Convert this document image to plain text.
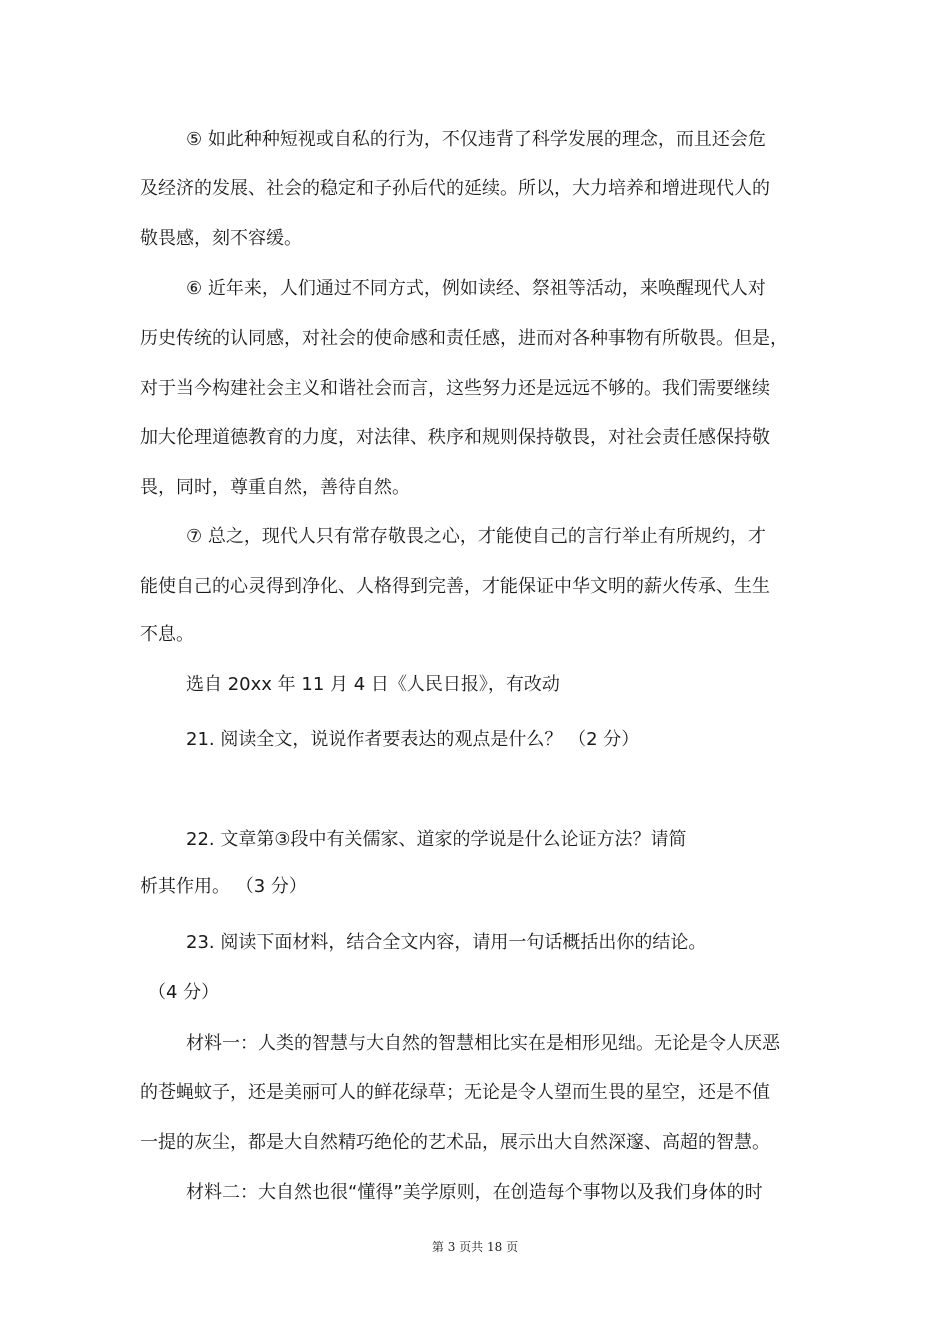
⑤ 如此种种短视或自私的行为，不仅违背了科学发展的理念，而且还会危
及经济的发展、社会的稳定和子孙后代的延续。所以，大力培养和增进现代人的
敬畏感，刻不容缓。
⑥ 近年来，人们通过不同方式，例如读经、祭祖等活动，来唤醒现代人对
历史传统的认同感，对社会的使命感和责任感，进而对各种事物有所敬畏。但是，
对于当今构建社会主义和谐社会而言，这些努力还是远远不够的。我们需要继续
加大伦理道德教育的力度，对法律、秩序和规则保持敬畏，对社会责任感保持敬
畏，同时，尊重自然，善待自然。
⑦ 总之，现代人只有常存敬畏之心，才能使自己的言行举止有所规约，才
能使自己的心灵得到净化、人格得到完善，才能保证中华文明的薪火传承、生生
不息。
选自 20xx 年 11 月 4 日《人民日报》，有改动
21. 阅读全文，说说作者要表达的观点是什么？ （2 分）
22. 文章第③段中有关儒家、道家的学说是什么论证方法？请简
析其作用。 （3 分）
23. 阅读下面材料，结合全文内容，请用一句话概括出你的结论。
（4 分）
材料一：人类的智慧与大自然的智慧相比实在是相形见绌。无论是令人厌恶
的苍蝇蚊子，还是美丽可人的鲜花绿草；无论是令人望而生畏的星空，还是不值
一提的灰尘，都是大自然精巧绝伦的艺术品，展示出大自然深邃、高超的智慧。
材料二：大自然也很“懂得”美学原则，在创造每个事物以及我们身体的时
第 3 页共 18 页
